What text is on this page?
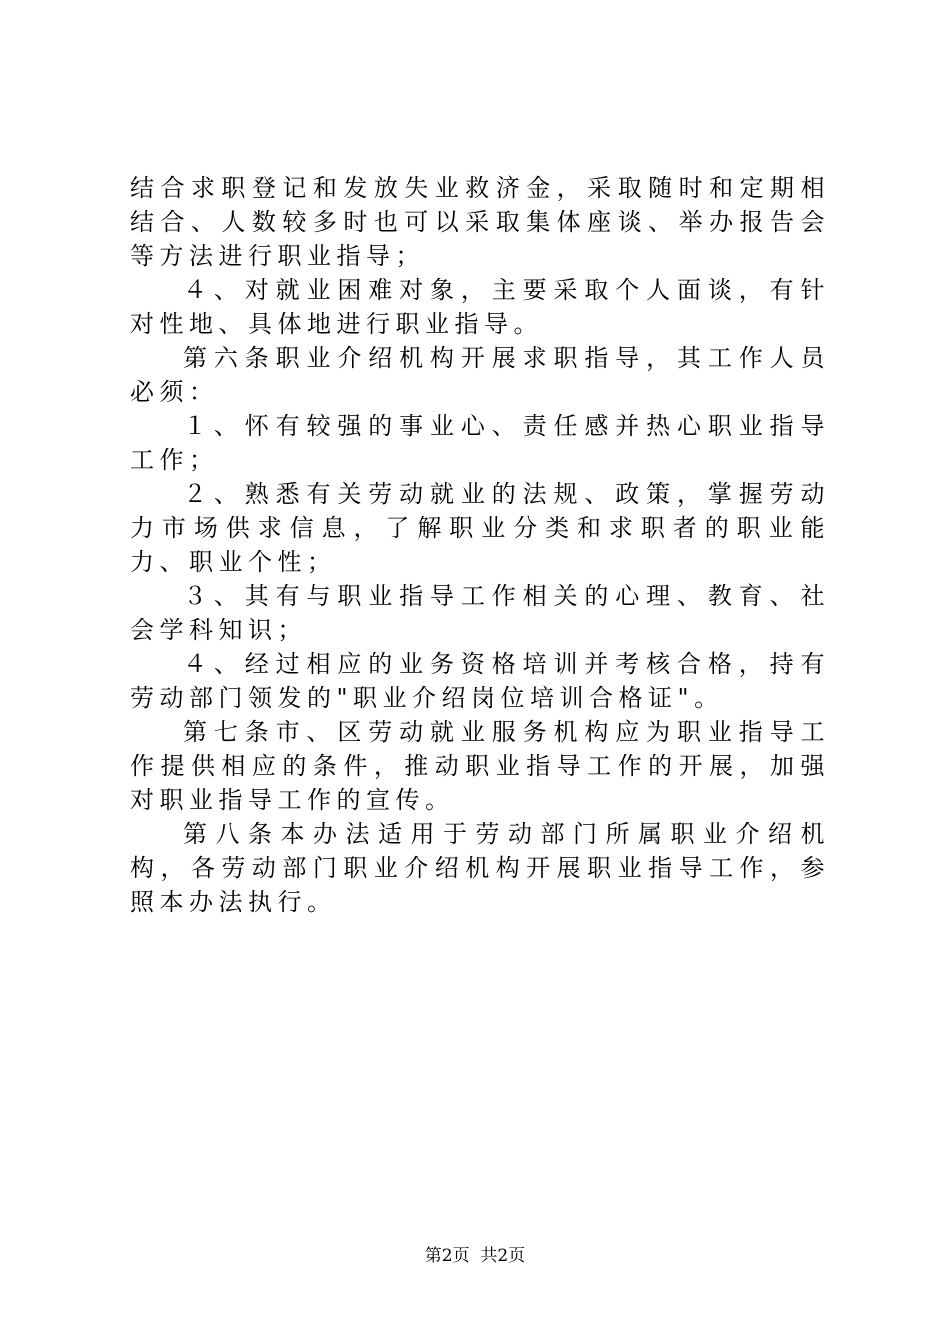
结合求职登记和发放失业救济金，采取随时和定期相结合、人数较多时也可以采取集体座谈、举办报告会等方法进行职业指导；

４、对就业困难对象，主要采取个人面谈，有针对性地、具体地进行职业指导。

第六条职业介绍机构开展求职指导，其工作人员必须：

１、怀有较强的事业心、责任感并热心职业指导工作；

２、熟悉有关劳动就业的法规、政策，掌握劳动力市场供求信息，了解职业分类和求职者的职业能力、职业个性；

３、其有与职业指导工作相关的心理、教育、社会学科知识；

４、经过相应的业务资格培训并考核合格，持有劳动部门领发的"职业介绍岗位培训合格证"。

第七条市、区劳动就业服务机构应为职业指导工作提供相应的条件，推动职业指导工作的开展，加强对职业指导工作的宣传。

第八条本办法适用于劳动部门所属职业介绍机构，各劳动部门职业介绍机构开展职业指导工作，参照本办法执行。

第2页  共2页
